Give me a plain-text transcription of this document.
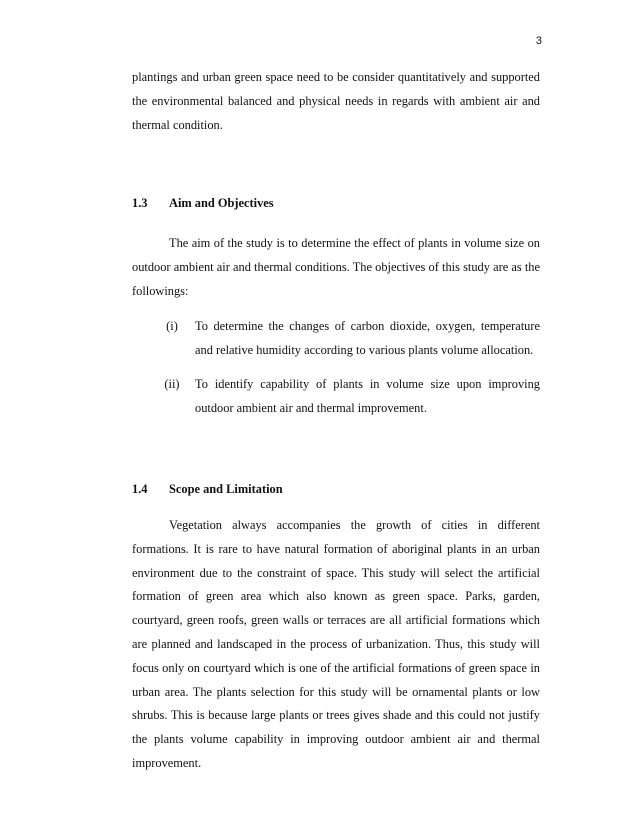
3

plantings and urban green space need to be consider quantitatively and supported the environmental balanced and physical needs in regards with ambient air and thermal condition.

1.3 Aim and Objectives

The aim of the study is to determine the effect of plants in volume size on outdoor ambient air and thermal conditions. The objectives of this study are as the followings:

(i)	To determine the changes of carbon dioxide, oxygen, temperature and relative humidity according to various plants volume allocation.
(ii)	To identify capability of plants in volume size upon improving outdoor ambient air and thermal improvement.
1.4 Scope and Limitation

Vegetation always accompanies the growth of cities in different formations. It is rare to have natural formation of aboriginal plants in an urban environment due to the constraint of space. This study will select the artificial formation of green area which also known as green space. Parks, garden, courtyard, green roofs, green walls or terraces are all artificial formations which are planned and landscaped in the process of urbanization. Thus, this study will focus only on courtyard which is one of the artificial formations of green space in urban area. The plants selection for this study will be ornamental plants or low shrubs. This is because large plants or trees gives shade and this could not justify the plants volume capability in improving outdoor ambient air and thermal improvement.
